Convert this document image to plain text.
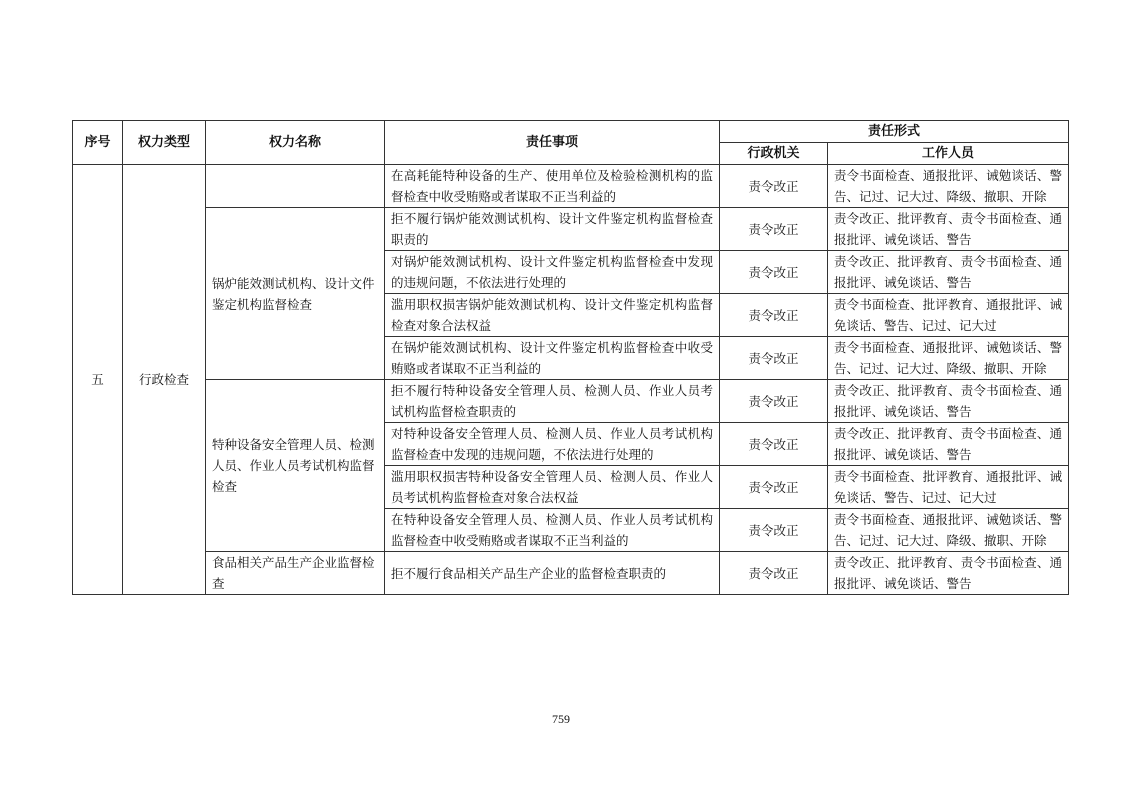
序号	权力类型	权力名称	责任事项	责任形式	
				行政机关	工作人员
五	行政检查		在高耗能特种设备的生产、使用单位及检验检测机构的监督检查中收受贿赂或者谋取不正当利益的	责令改正	责令书面检查、通报批评、诫勉谈话、警告、记过、记大过、降级、撤职、开除
		锅炉能效测试机构、设计文件鉴定机构监督检查	拒不履行锅炉能效测试机构、设计文件鉴定机构监督检查职责的	责令改正	责令改正、批评教育、责令书面检查、通报批评、诫免谈话、警告
			对锅炉能效测试机构、设计文件鉴定机构监督检查中发现的违规问题，不依法进行处理的	责令改正	责令改正、批评教育、责令书面检查、通报批评、诫免谈话、警告
			滥用职权损害锅炉能效测试机构、设计文件鉴定机构监督检查对象合法权益	责令改正	责令书面检查、批评教育、通报批评、诫免谈话、警告、记过、记大过
			在锅炉能效测试机构、设计文件鉴定机构监督检查中收受贿赂或者谋取不正当利益的	责令改正	责令书面检查、通报批评、诫勉谈话、警告、记过、记大过、降级、撤职、开除
		特种设备安全管理人员、检测人员、作业人员考试机构监督检查	拒不履行特种设备安全管理人员、检测人员、作业人员考试机构监督检查职责的	责令改正	责令改正、批评教育、责令书面检查、通报批评、诫免谈话、警告
			对特种设备安全管理人员、检测人员、作业人员考试机构监督检查中发现的违规问题，不依法进行处理的	责令改正	责令改正、批评教育、责令书面检查、通报批评、诫免谈话、警告
			滥用职权损害特种设备安全管理人员、检测人员、作业人员考试机构监督检查对象合法权益	责令改正	责令书面检查、批评教育、通报批评、诫免谈话、警告、记过、记大过
			在特种设备安全管理人员、检测人员、作业人员考试机构监督检查中收受贿赂或者谋取不正当利益的	责令改正	责令书面检查、通报批评、诫勉谈话、警告、记过、记大过、降级、撤职、开除
		食品相关产品生产企业监督检查	拒不履行食品相关产品生产企业的监督检查职责的	责令改正	责令改正、批评教育、责令书面检查、通报批评、诫免谈话、警告
759
